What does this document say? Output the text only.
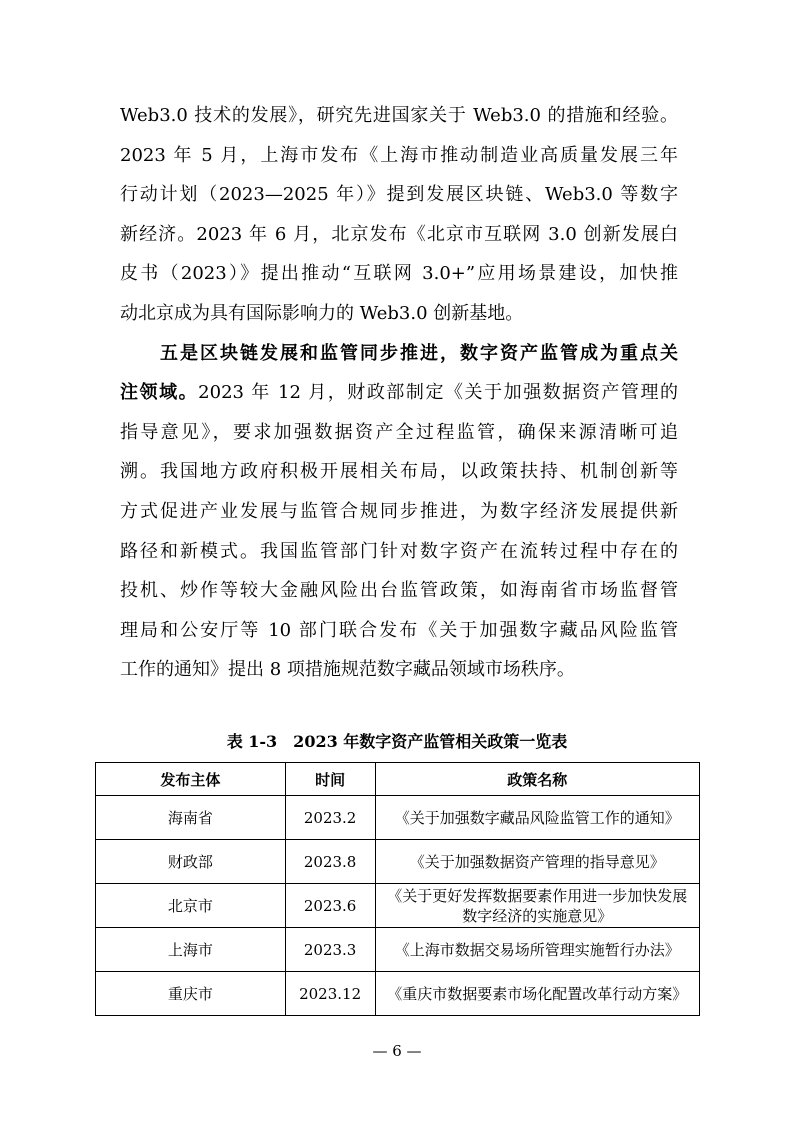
Web3.0 技术的发展》，研究先进国家关于 Web3.0 的措施和经验。
2023 年 5 月，上海市发布《上海市推动制造业高质量发展三年
行动计划（2023—2025 年）》提到发展区块链、Web3.0 等数字
新经济。2023 年 6 月，北京发布《北京市互联网 3.0 创新发展白
皮书（2023）》提出推动“互联网 3.0+”应用场景建设，加快推
动北京成为具有国际影响力的 Web3.0 创新基地。
五是区块链发展和监管同步推进，数字资产监管成为重点关
注领域。2023 年 12 月，财政部制定《关于加强数据资产管理的
指导意见》，要求加强数据资产全过程监管，确保来源清晰可追
溯。我国地方政府积极开展相关布局，以政策扶持、机制创新等
方式促进产业发展与监管合规同步推进，为数字经济发展提供新
路径和新模式。我国监管部门针对数字资产在流转过程中存在的
投机、炒作等较大金融风险出台监管政策，如海南省市场监督管
理局和公安厅等 10 部门联合发布《关于加强数字藏品风险监管
工作的通知》提出 8 项措施规范数字藏品领域市场秩序。
表 1-3　2023 年数字资产监管相关政策一览表
发布主体	时间	政策名称
海南省	2023.2	《关于加强数字藏品风险监管工作的通知》
财政部	2023.8	《关于加强数据资产管理的指导意见》
北京市	2023.6	《关于更好发挥数据要素作用进一步加快发展数字经济的实施意见》
上海市	2023.3	《上海市数据交易场所管理实施暂行办法》
重庆市	2023.12	《重庆市数据要素市场化配置改革行动方案》
— 6 —
